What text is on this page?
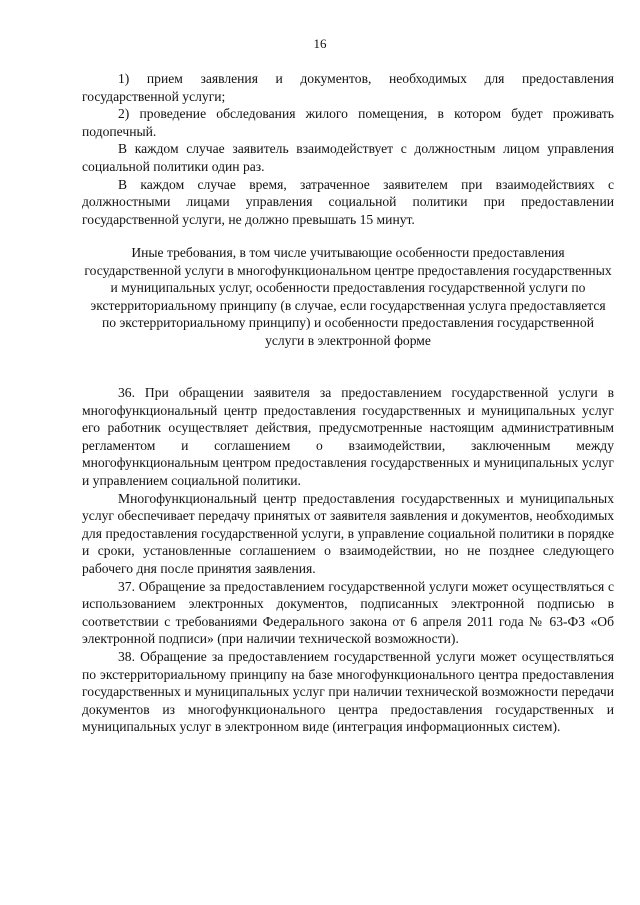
16

1) прием заявления и документов, необходимых для предоставления государственной услуги;

2) проведение обследования жилого помещения, в котором будет проживать подопечный.

В каждом случае заявитель взаимодействует с должностным лицом управления социальной политики один раз.

В каждом случае время, затраченное заявителем при взаимодействиях с должностными лицами управления социальной политики при предоставлении государственной услуги, не должно превышать 15 минут.

Иные требования, в том числе учитывающие особенности предоставления государственной услуги в многофункциональном центре предоставления государственных и муниципальных услуг, особенности предоставления государственной услуги по экстерриториальному принципу (в случае, если государственная услуга предоставляется по экстерриториальному принципу) и особенности предоставления государственной услуги в электронной форме

36. При обращении заявителя за предоставлением государственной услуги в многофункциональный центр предоставления государственных и муниципальных услуг его работник осуществляет действия, предусмотренные настоящим административным регламентом и соглашением о взаимодействии, заключенным между многофункциональным центром предоставления государственных и муниципальных услуг и управлением социальной политики.

Многофункциональный центр предоставления государственных и муниципальных услуг обеспечивает передачу принятых от заявителя заявления и документов, необходимых для предоставления государственной услуги, в управление социальной политики в порядке и сроки, установленные соглашением о взаимодействии, но не позднее следующего рабочего дня после принятия заявления.

37. Обращение за предоставлением государственной услуги может осуществляться с использованием электронных документов, подписанных электронной подписью в соответствии с требованиями Федерального закона от 6 апреля 2011 года № 63-ФЗ «Об электронной подписи» (при наличии технической возможности).

38. Обращение за предоставлением государственной услуги может осуществляться по экстерриториальному принципу на базе многофункционального центра предоставления государственных и муниципальных услуг при наличии технической возможности передачи документов из многофункционального центра предоставления государственных и муниципальных услуг в электронном виде (интеграция информационных систем).
